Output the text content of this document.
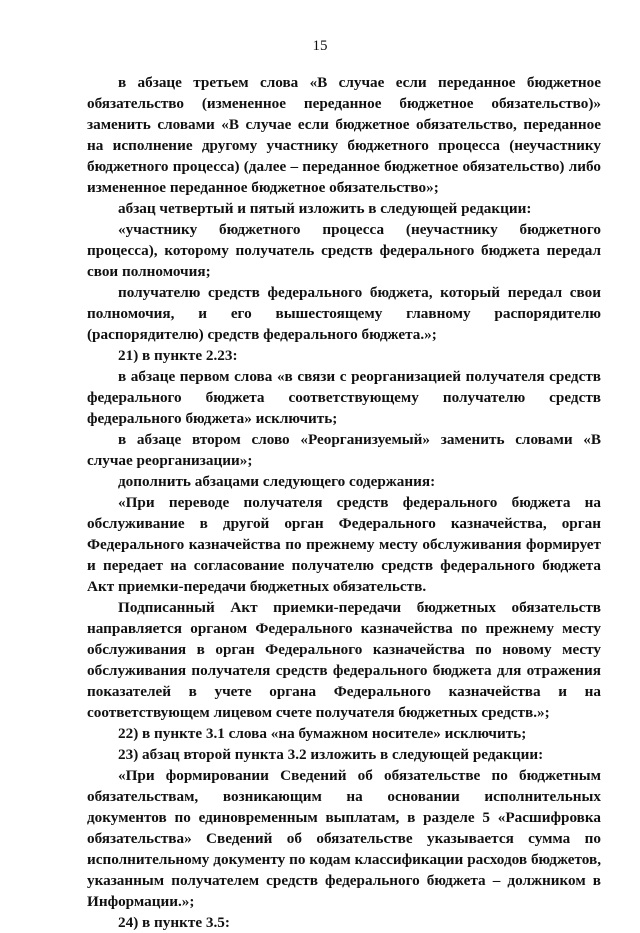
15

в абзаце третьем слова «В случае если переданное бюджетное обязательство (измененное переданное бюджетное обязательство)» заменить словами «В случае если бюджетное обязательство, переданное на исполнение другому участнику бюджетного процесса (неучастнику бюджетного процесса) (далее – переданное бюджетное обязательство) либо измененное переданное бюджетное обязательство»;

абзац четвертый и пятый изложить в следующей редакции:

«участнику бюджетного процесса (неучастнику бюджетного процесса), которому получатель средств федерального бюджета передал свои полномочия;

получателю средств федерального бюджета, который передал свои полномочия, и его вышестоящему главному распорядителю (распорядителю) средств федерального бюджета.»;

21) в пункте 2.23:

в абзаце первом слова «в связи с реорганизацией получателя средств федерального бюджета соответствующему получателю средств федерального бюджета» исключить;

в абзаце втором слово «Реорганизуемый» заменить словами «В случае реорганизации»;

дополнить абзацами следующего содержания:

«При переводе получателя средств федерального бюджета на обслуживание в другой орган Федерального казначейства, орган Федерального казначейства по прежнему месту обслуживания формирует и передает на согласование получателю средств федерального бюджета Акт приемки-передачи бюджетных обязательств.

Подписанный Акт приемки-передачи бюджетных обязательств направляется органом Федерального казначейства по прежнему месту обслуживания в орган Федерального казначейства по новому месту обслуживания получателя средств федерального бюджета для отражения показателей в учете органа Федерального казначейства и на соответствующем лицевом счете получателя бюджетных средств.»;

22) в пункте 3.1 слова «на бумажном носителе» исключить;

23) абзац второй пункта 3.2 изложить в следующей редакции:

«При формировании Сведений об обязательстве по бюджетным обязательствам, возникающим на основании исполнительных документов по единовременным выплатам, в разделе 5 «Расшифровка обязательства» Сведений об обязательстве указывается сумма по исполнительному документу по кодам классификации расходов бюджетов, указанным получателем средств федерального бюджета – должником в Информации.»;

24) в пункте 3.5:
